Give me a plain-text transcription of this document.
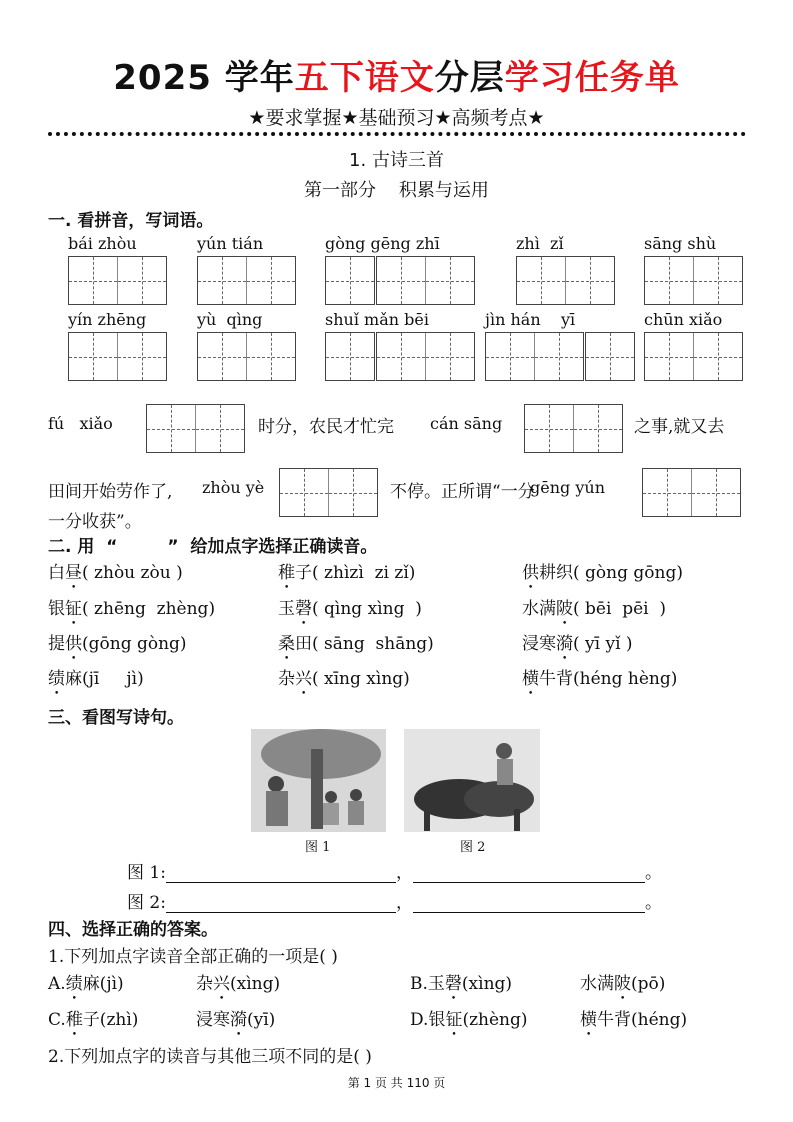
2025 学年五下语文分层学习任务单
★要求掌握★基础预习★高频考点★
1. 古诗三首
第一部分    积累与运用
一. 看拼音，写词语。
fú   xiǎo	时分，农民才忙完 cán sāng	之事,就又去
田间开始劳作了, zhòu yè	不停。正所谓“一分
gēng yún
一分收获”。
二. 用  “	”  给加点字选择正确读音。
三、看图写诗句。
图 1	图 2
图 1:	，	。
图 2:	，	。
四、选择正确的答案。
1.下列加点字读音全部正确的一项是( )
2.下列加点字的读音与其他三项不同的是( )
第 1 页 共 110 页
bái zhòu	yún tián	gòng gēng zhī	zhì  zǐ	sāng shù
yín zhēng	yù  qìng	shuǐ mǎn bēi	jìn hán    yī	chūn xiǎo
白昼( zhòu zòu )	稚子( zhìzì  zi zǐ)	供耕织( gòng gōng)
银钲( zhēng  zhèng)	玉磬( qìng xìng  )	水满陂( bēi  pēi  )
提供(gōng gòng)	桑田( sāng  shāng)	浸寒漪( yī yǐ )
绩麻(jī     jì)	杂兴( xīng xìng)	横牛背(héng hèng)
A.绩麻(jì)	杂兴(xìng)	B.玉磬(xìng)	水满陂(pō)
C.稚子(zhì)	浸寒漪(yī)	D.银钲(zhèng)	横牛背(héng)
